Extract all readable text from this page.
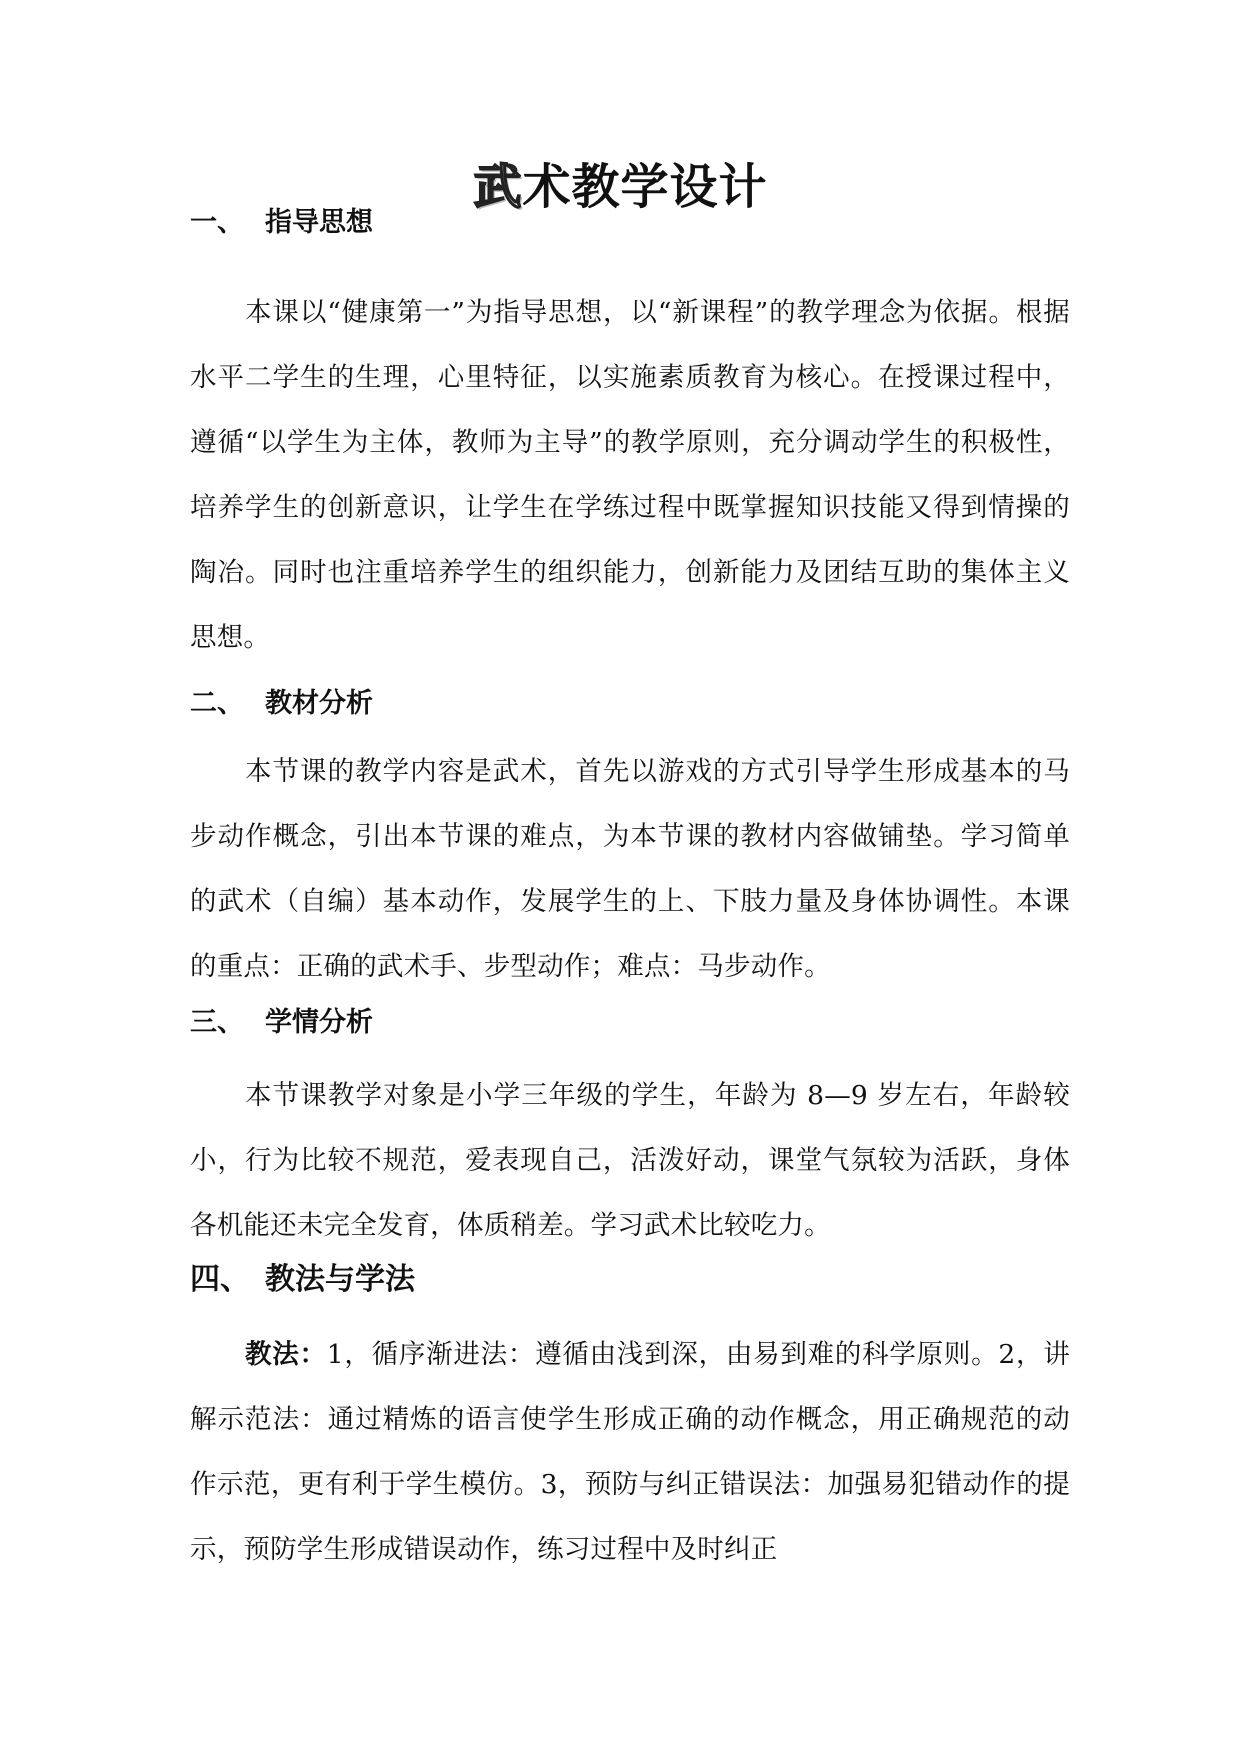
武术教学设计
一、 指导思想
本课以“健康第一”为指导思想，以“新课程”的教学理念为依据。根据水平二学生的生理，心里特征，以实施素质教育为核心。在授课过程中，遵循“以学生为主体，教师为主导”的教学原则，充分调动学生的积极性，培养学生的创新意识，让学生在学练过程中既掌握知识技能又得到情操的陶冶。同时也注重培养学生的组织能力，创新能力及团结互助的集体主义思想。
二、 教材分析
本节课的教学内容是武术，首先以游戏的方式引导学生形成基本的马步动作概念，引出本节课的难点，为本节课的教材内容做铺垫。学习简单的武术（自编）基本动作，发展学生的上、下肢力量及身体协调性。本课的重点：正确的武术手、步型动作；难点：马步动作。
三、 学情分析
本节课教学对象是小学三年级的学生，年龄为 8—9 岁左右，年龄较小，行为比较不规范，爱表现自己，活泼好动，课堂气氛较为活跃，身体各机能还未完全发育，体质稍差。学习武术比较吃力。
四、 教法与学法
教法：1，循序渐进法：遵循由浅到深，由易到难的科学原则。2，讲解示范法：通过精炼的语言使学生形成正确的动作概念，用正确规范的动作示范，更有利于学生模仿。3，预防与纠正错误法：加强易犯错动作的提示，预防学生形成错误动作，练习过程中及时纠正
